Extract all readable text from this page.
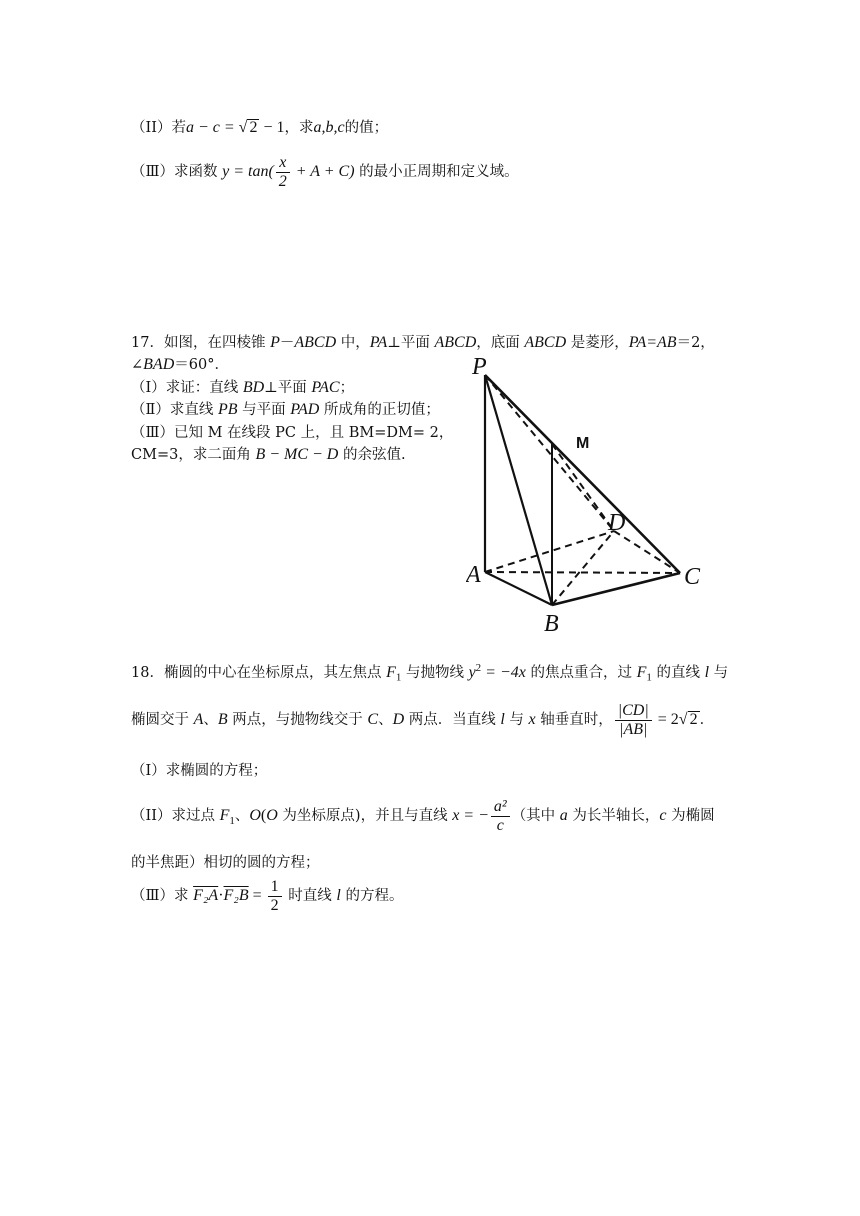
（II）若a − c = √ 2 − 1，求a,b,c的值；
（Ⅲ）求函数 $y = \tan( \frac{x}{2} + A + C)$ 的最小正周期和定义域。
17．如图，在四棱锥 P－ABCD 中，PA⊥平面 ABCD，底面 ABCD 是菱形，PA=AB＝2，
∠BAD＝60°．
（Ⅰ）求证：直线 BD⊥平面 PAC；
（Ⅱ）求直线 PB 与平面 PAD 所成角的正切值；
（Ⅲ）已知 M 在线段 PC 上，且 BM=DM= 2，
CM=3，求二面角 B − MC − D 的余弦值.
P
M
D
A	C
B
18．椭圆的中心在坐标原点，其左焦点 $F_1$ 与抛物线 $y^2 = -4x$ 的焦点重合，过 $F_1$ 的直线 l 与
椭圆交于 A、B 两点，与抛物线交于 C、D 两点．当直线 l 与 x 轴垂直时， $\frac{|CD|}{|AB|} = 2√$ 2 ．
（Ⅰ）求椭圆的方程；
（II）求过点 $F_1$、O(O 为坐标原点)，并且与直线 x = − $\frac{\text{a²}}{c}$ （其中 a 为长半轴长，c 为椭圆
的半焦距）相切的圆的方程；
（Ⅲ）求 $F_2A\cdot F_2B = \frac{1}{2}$ 时直线 l 的方程。
